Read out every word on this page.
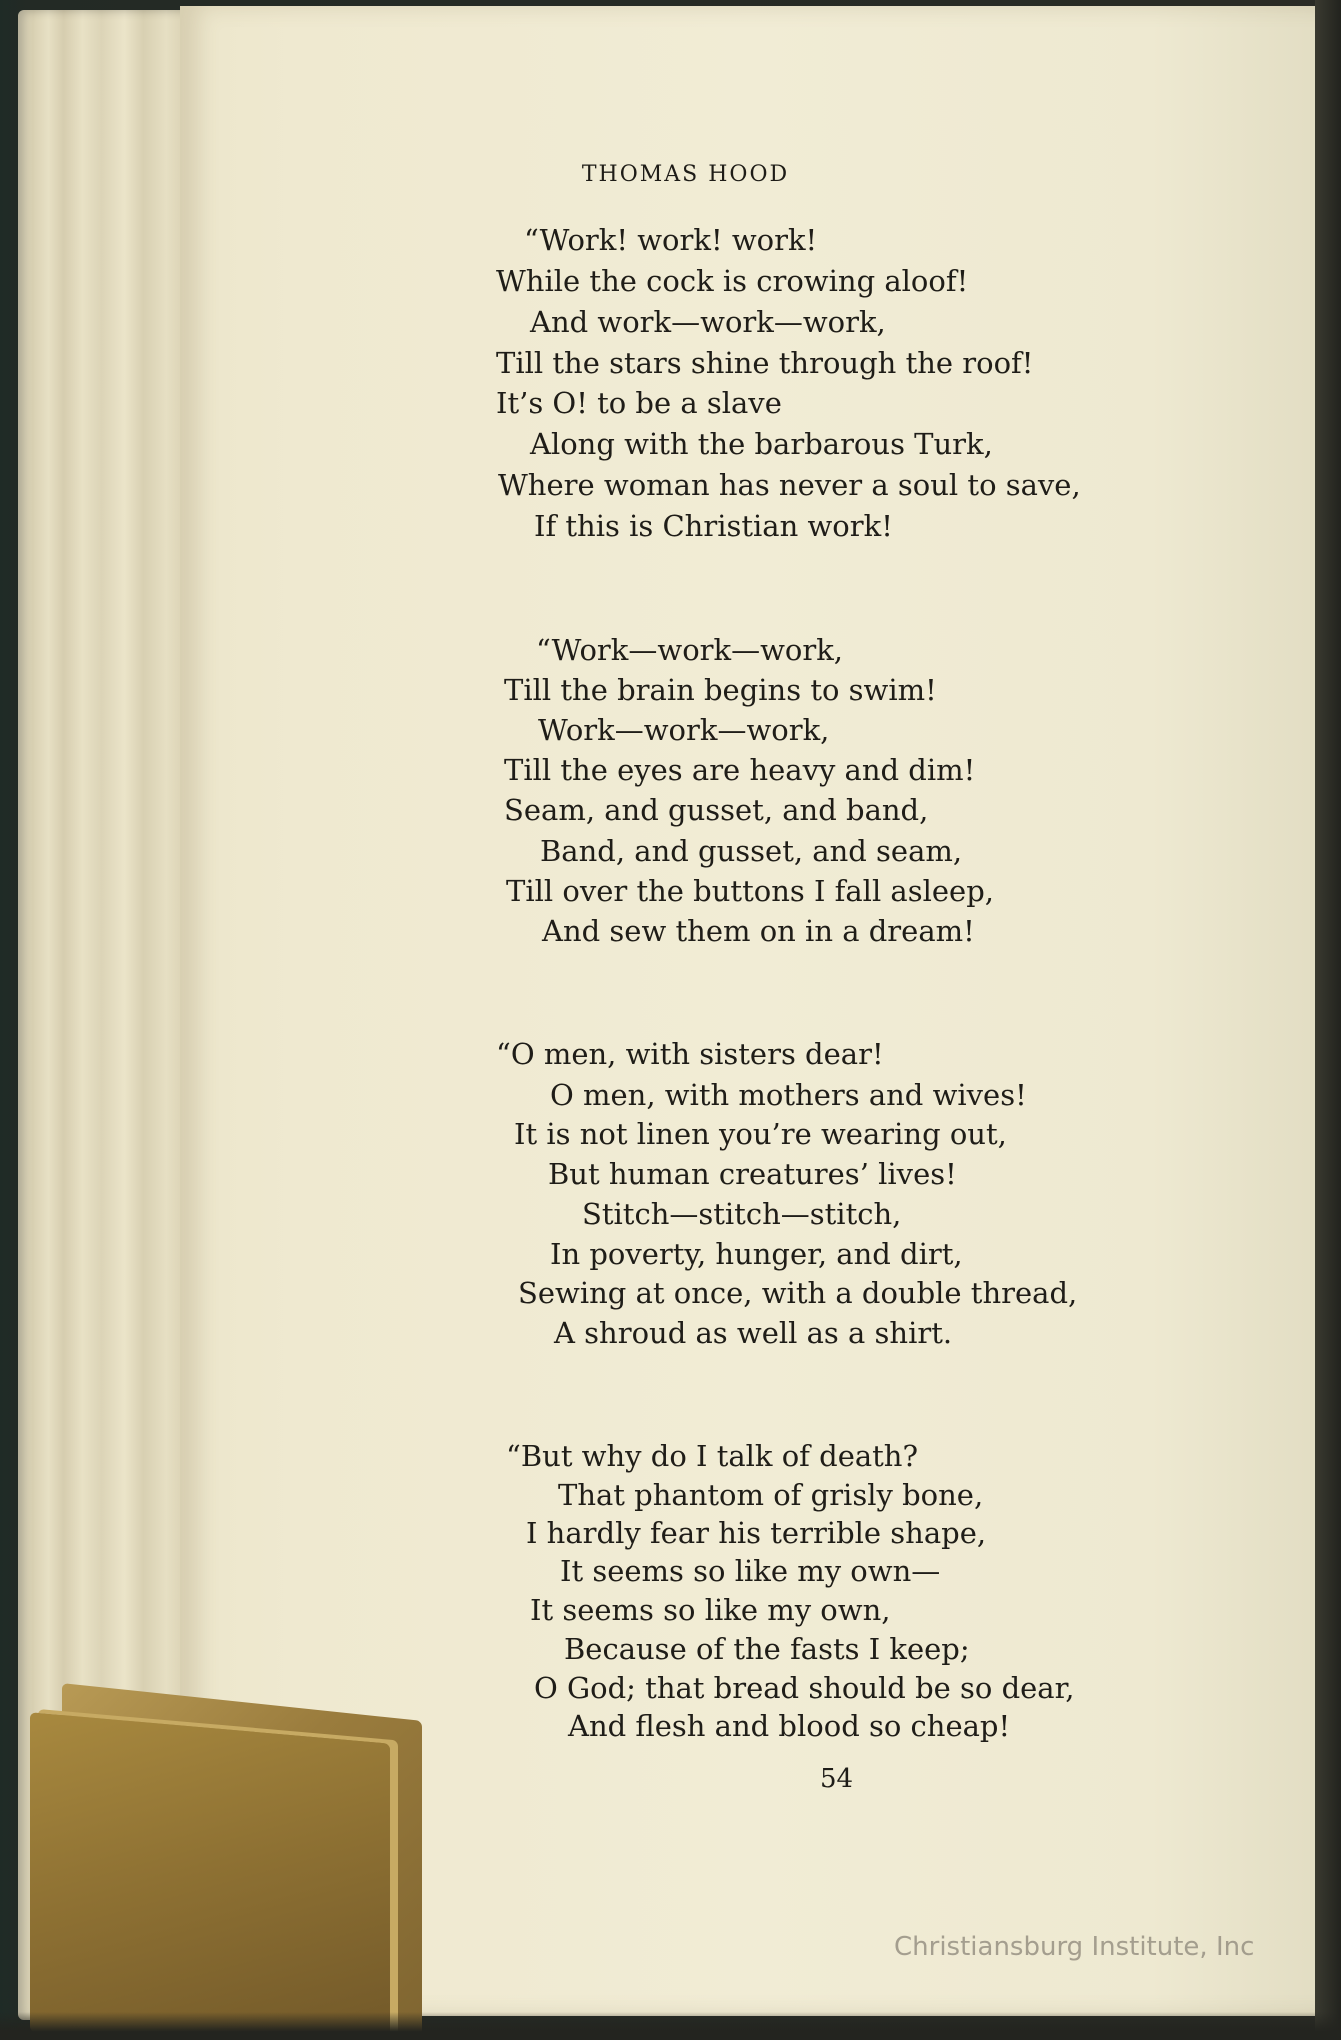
THOMAS HOOD
“Work! work! work!
While the cock is crowing aloof!
And work—work—work,
Till the stars shine through the roof!
It’s O! to be a slave
Along with the barbarous Turk,
Where woman has never a soul to save,
If this is Christian work!
“Work—work—work,
Till the brain begins to swim!
Work—work—work,
Till the eyes are heavy and dim!
Seam, and gusset, and band,
Band, and gusset, and seam,
Till over the buttons I fall asleep,
And sew them on in a dream!
“O men, with sisters dear!
O men, with mothers and wives!
It is not linen you’re wearing out,
But human creatures’ lives!
Stitch—stitch—stitch,
In poverty, hunger, and dirt,
Sewing at once, with a double thread,
A shroud as well as a shirt.
“But why do I talk of death?
That phantom of grisly bone,
I hardly fear his terrible shape,
It seems so like my own—
It seems so like my own,
Because of the fasts I keep;
O God; that bread should be so dear,
And flesh and blood so cheap!
54
Christiansburg Institute, Inc
